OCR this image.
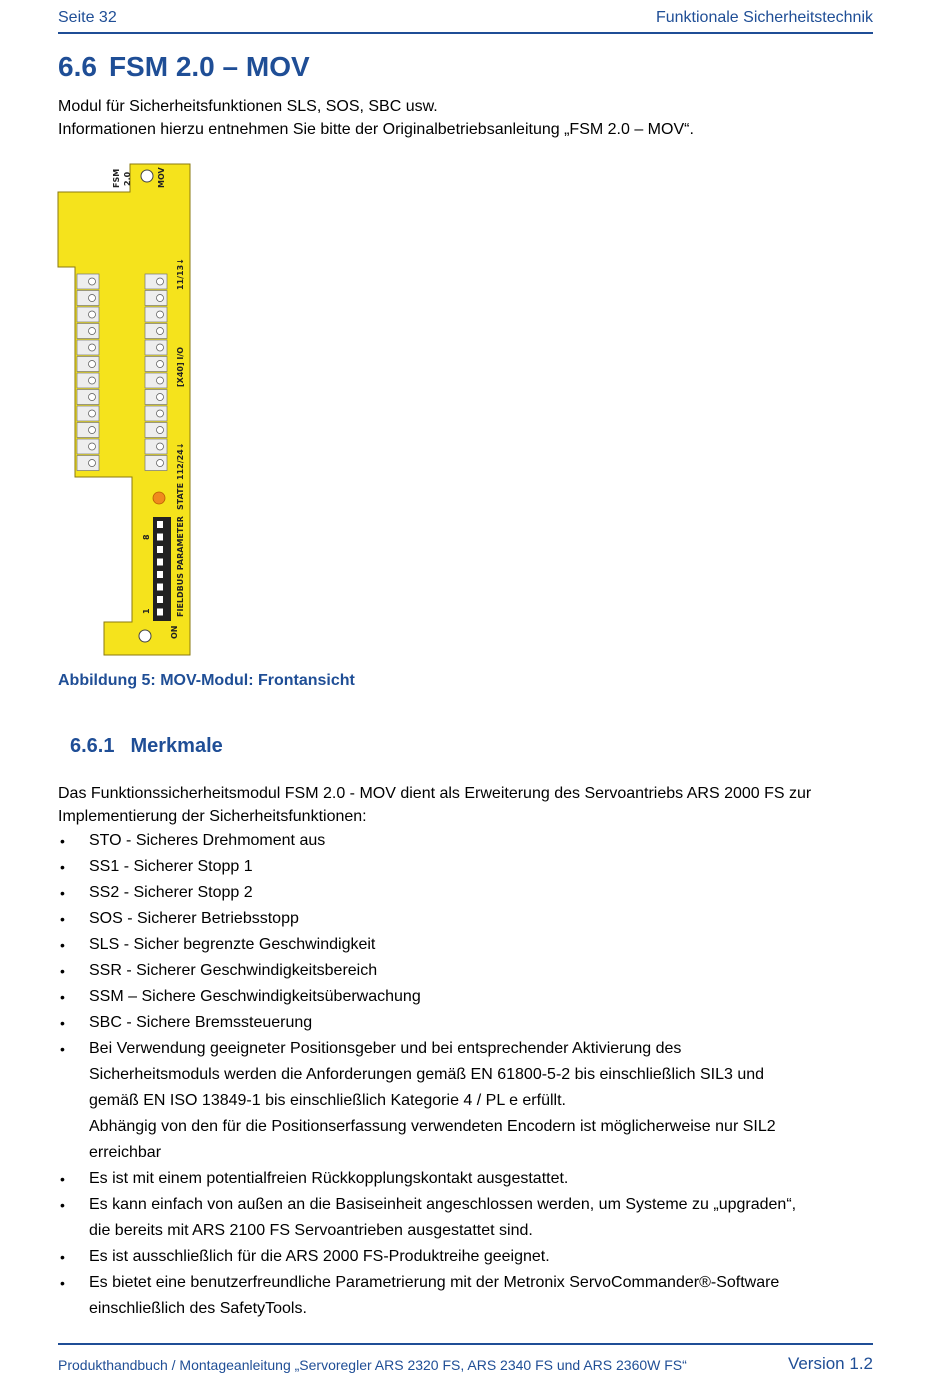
Seite 32	Funktionale Sicherheitstechnik
6.6 FSM 2.0 – MOV
Modul für Sicherheitsfunktionen SLS, SOS, SBC usw.
Informationen hierzu entnehmen Sie bitte der Originalbetriebsanleitung „FSM 2.0 – MOV“.
FSM 2.0	MOV
11/13↓
[X40] I/O
112/24↓
STATE
FIELDBUS PARAMETER
ON
8
1
Abbildung 5: MOV-Modul: Frontansicht
6.6.1 Merkmale
Das Funktionssicherheitsmodul FSM 2.0 - MOV dient als Erweiterung des Servoantriebs ARS 2000 FS zur Implementierung der Sicherheitsfunktionen:
• STO - Sicheres Drehmoment aus
• SS1 - Sicherer Stopp 1
• SS2 - Sicherer Stopp 2
• SOS - Sicherer Betriebsstopp
• SLS - Sicher begrenzte Geschwindigkeit
• SSR - Sicherer Geschwindigkeitsbereich
• SSM – Sichere Geschwindigkeitsüberwachung
• SBC - Sichere Bremssteuerung
• Bei Verwendung geeigneter Positionsgeber und bei entsprechender Aktivierung des
Sicherheitsmoduls werden die Anforderungen gemäß EN 61800-5-2 bis einschließlich SIL3 und
gemäß EN ISO 13849-1 bis einschließlich Kategorie 4 / PL e erfüllt.
Abhängig von den für die Positionserfassung verwendeten Encodern ist möglicherweise nur SIL2
erreichbar
• Es ist mit einem potentialfreien Rückkopplungskontakt ausgestattet.
• Es kann einfach von außen an die Basiseinheit angeschlossen werden, um Systeme zu „upgraden“,
die bereits mit ARS 2100 FS Servoantrieben ausgestattet sind.
• Es ist ausschließlich für die ARS 2000 FS-Produktreihe geeignet.
• Es bietet eine benutzerfreundliche Parametrierung mit der Metronix ServoCommander®-Software
einschließlich des SafetyTools.
Produkthandbuch / Montageanleitung „Servoregler ARS 2320 FS, ARS 2340 FS und ARS 2360W FS“	Version 1.2
